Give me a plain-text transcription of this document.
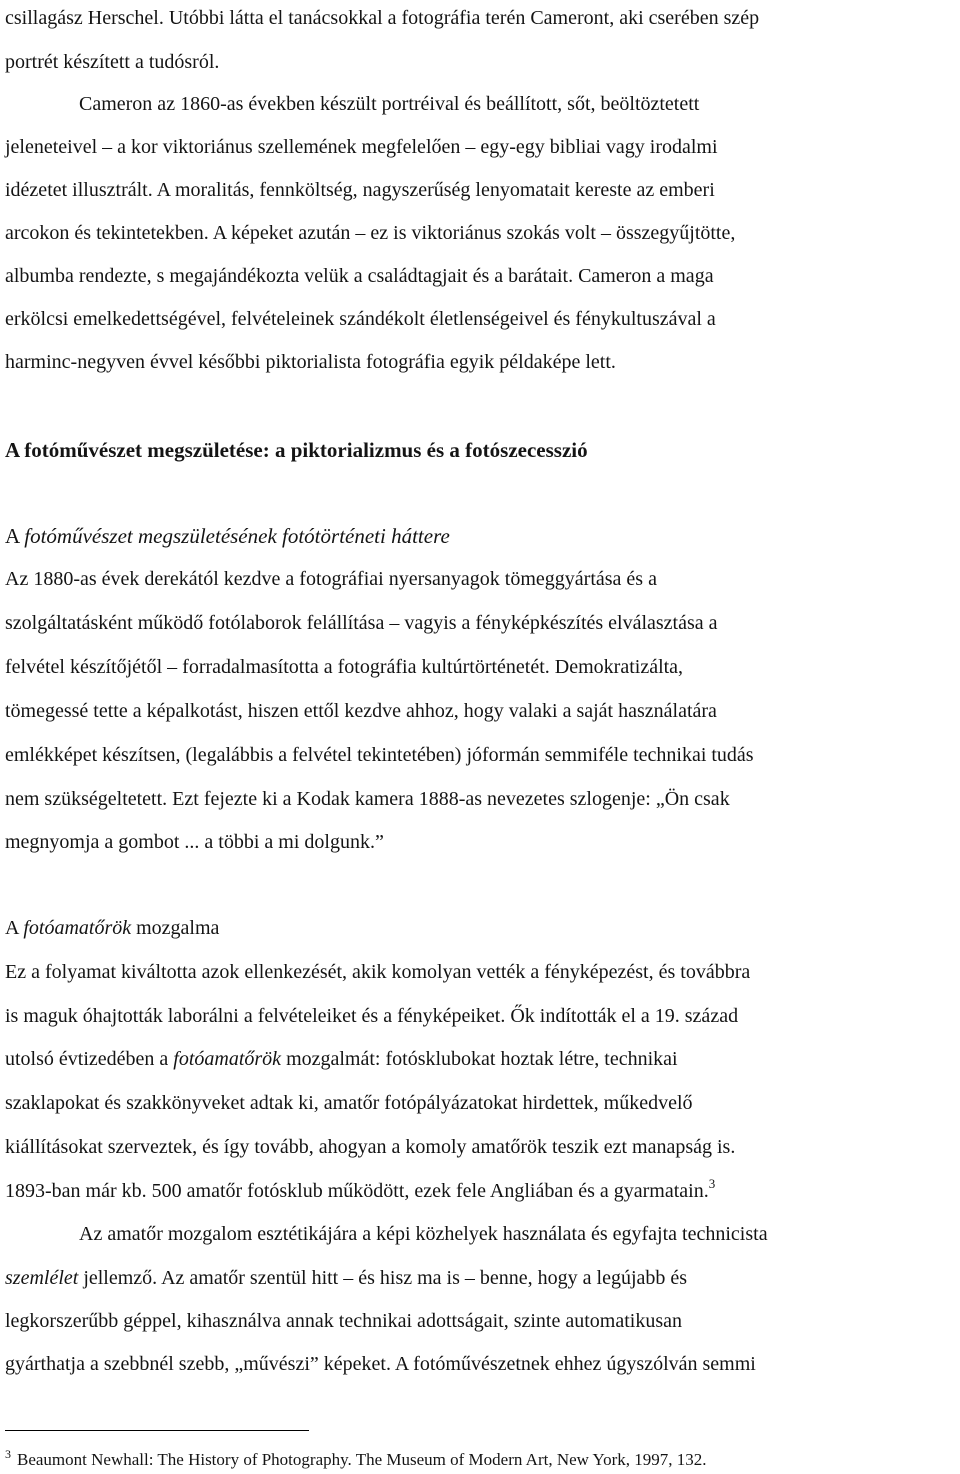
csillagász Herschel. Utóbbi látta el tanácsokkal a fotográfia terén Cameront, aki cserében szép

portrét készített a tudósról.

Cameron az 1860-as években készült portréival és beállított, sőt, beöltöztetett

jeleneteivel – a kor viktoriánus szellemének megfelelően – egy-egy bibliai vagy irodalmi

idézetet illusztrált. A moralitás, fennköltség, nagyszerűség lenyomatait kereste az emberi

arcokon és tekintetekben. A képeket azután – ez is viktoriánus szokás volt – összegyűjtötte,

albumba rendezte, s megajándékozta velük a családtagjait és a barátait. Cameron a maga

erkölcsi emelkedettségével, felvételeinek szándékolt életlenségeivel és fénykultuszával a

harminc-negyven évvel későbbi piktorialista fotográfia egyik példaképe lett.

A fotóművészet megszületése: a piktorializmus és a fotószecesszió

A fotóművészet megszületésének fotótörténeti háttere

Az 1880-as évek derekától kezdve a fotográfiai nyersanyagok tömeggyártása és a

szolgáltatásként működő fotólaborok felállítása – vagyis a fényképkészítés elválasztása a

felvétel készítőjétől – forradalmasította a fotográfia kultúrtörténetét. Demokratizálta,

tömegessé tette a képalkotást, hiszen ettől kezdve ahhoz, hogy valaki a saját használatára

emlékképet készítsen, (legalábbis a felvétel tekintetében) jóformán semmiféle technikai tudás

nem szükségeltetett. Ezt fejezte ki a Kodak kamera 1888-as nevezetes szlogenje: „Ön csak

megnyomja a gombot ... a többi a mi dolgunk.”

A fotóamatőrök mozgalma

Ez a folyamat kiváltotta azok ellenkezését, akik komolyan vették a fényképezést, és továbbra

is maguk óhajtották laborálni a felvételeiket és a fényképeiket. Ők indították el a 19. század

utolsó évtizedében a fotóamatőrök mozgalmát: fotósklubokat hoztak létre, technikai

szaklapokat és szakkönyveket adtak ki, amatőr fotópályázatokat hirdettek, műkedvelő

kiállításokat szerveztek, és így tovább, ahogyan a komoly amatőrök teszik ezt manapság is.

1893-ban már kb. 500 amatőr fotósklub működött, ezek fele Angliában és a gyarmatain.$^3$

Az amatőr mozgalom esztétikájára a képi közhelyek használata és egyfajta technicista

szemlélet jellemző. Az amatőr szentül hitt – és hisz ma is – benne, hogy a legújabb és

legkorszerűbb géppel, kihasználva annak technikai adottságait, szinte automatikusan

gyárthatja a szebbnél szebb, „művészi” képeket. A fotóművészetnek ehhez úgyszólván semmi

$^3$ Beaumont Newhall: The History of Photography. The Museum of Modern Art, New York, 1997, 132.
